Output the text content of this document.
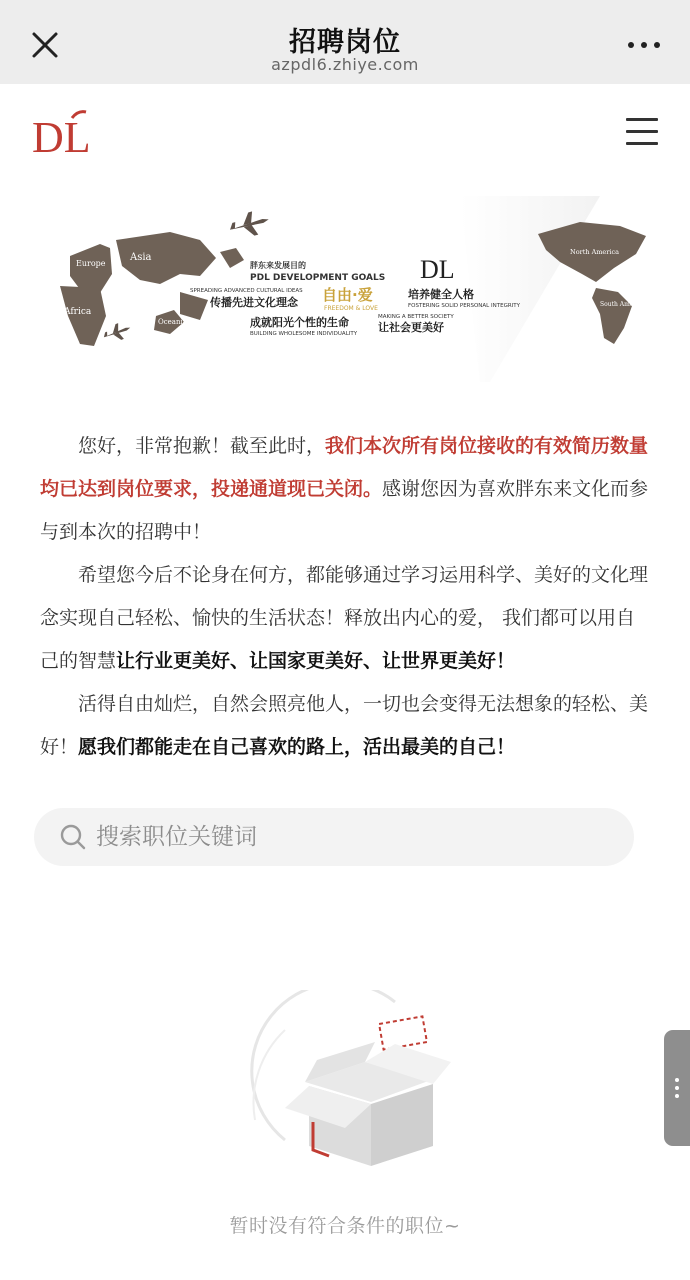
招聘岗位
azpdl6.zhiye.com
DL
Europe
Asia
Africa
Oceania
胖东来发展目的
PDL DEVELOPMENT GOALS DL
SPREADING ADVANCED CULTURAL IDEAS
传播先进文化理念 自由·爱
FREEDOM & LOVE
培养健全人格
FOSTERING SOLID PERSONAL INTEGRITY
成就阳光个性的生命
BUILDING WHOLESOME INDIVIDUALITY
MAKING A BETTER SOCIETY
让社会更美好
North America
South America

您好，非常抱歉！截至此时，我们本次所有岗位接收的有效简历数量均已达到岗位要求，投递通道现已关闭。感谢您因为喜欢胖东来文化而参与到本次的招聘中！

希望您今后不论身在何方，都能够通过学习运用科学、美好的文化理念实现自己轻松、愉快的生活状态！释放出内心的爱， 我们都可以用自己的智慧让行业更美好、让国家更美好、让世界更美好！

活得自由灿烂，自然会照亮他人，一切也会变得无法想象的轻松、美好！愿我们都能走在自己喜欢的路上，活出最美的自己！

搜索职位关键词
暂时没有符合条件的职位~
